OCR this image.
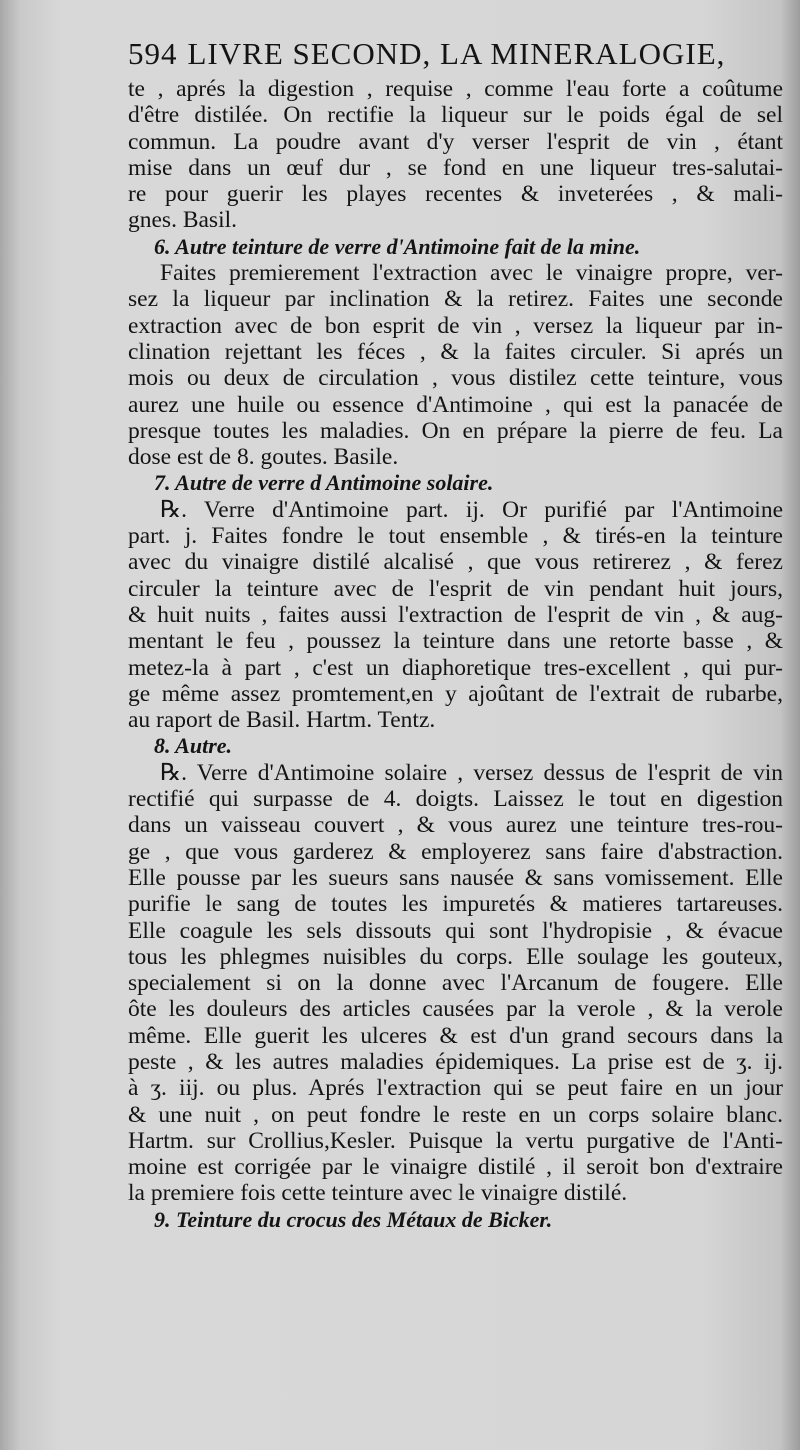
594 LIVRE SECOND, LA MINERALOGIE,
te , aprés la digestion , requise , comme l'eau forte a coûtume
d'être distilée. On rectifie la liqueur sur le poids égal de sel
commun. La poudre avant d'y verser l'esprit de vin , étant
mise dans un œuf dur , se fond en une liqueur tres-salutai-
re pour guerir les playes recentes & inveterées , & mali-
gnes. Basil.
6. Autre teinture de verre d'Antimoine fait de la mine.
Faites premierement l'extraction avec le vinaigre propre, ver-
sez la liqueur par inclination & la retirez. Faites une seconde
extraction avec de bon esprit de vin , versez la liqueur par in-
clination rejettant les féces , & la faites circuler. Si aprés un
mois ou deux de circulation , vous distilez cette teinture, vous
aurez une huile ou essence d'Antimoine , qui est la panacée de
presque toutes les maladies. On en prépare la pierre de feu. La
dose est de 8. goutes. Basile.
7. Autre de verre d Antimoine solaire.
℞. Verre d'Antimoine part. ij. Or purifié par l'Antimoine
part. j. Faites fondre le tout ensemble , & tirés-en la teinture
avec du vinaigre distilé alcalisé , que vous retirerez , & ferez
circuler la teinture avec de l'esprit de vin pendant huit jours,
& huit nuits , faites aussi l'extraction de l'esprit de vin , & aug-
mentant le feu , poussez la teinture dans une retorte basse , &
metez-la à part , c'est un diaphoretique tres-excellent , qui pur-
ge même assez promtement,en y ajoûtant de l'extrait de rubarbe,
au raport de Basil. Hartm. Tentz.
8. Autre.
℞. Verre d'Antimoine solaire , versez dessus de l'esprit de vin
rectifié qui surpasse de 4. doigts. Laissez le tout en digestion
dans un vaisseau couvert , & vous aurez une teinture tres-rou-
ge , que vous garderez & employerez sans faire d'abstraction.
Elle pousse par les sueurs sans nausée & sans vomissement. Elle
purifie le sang de toutes les impuretés & matieres tartareuses.
Elle coagule les sels dissouts qui sont l'hydropisie , & évacue
tous les phlegmes nuisibles du corps. Elle soulage les gouteux,
specialement si on la donne avec l'Arcanum de fougere. Elle
ôte les douleurs des articles causées par la verole , & la verole
même. Elle guerit les ulceres & est d'un grand secours dans la
peste , & les autres maladies épidemiques. La prise est de ʒ. ij.
à ʒ. iij. ou plus. Aprés l'extraction qui se peut faire en un jour
& une nuit , on peut fondre le reste en un corps solaire blanc.
Hartm. sur Crollius,Kesler. Puisque la vertu purgative de l'Anti-
moine est corrigée par le vinaigre distilé , il seroit bon d'extraire
la premiere fois cette teinture avec le vinaigre distilé.
9. Teinture du crocus des Métaux de Bicker.
